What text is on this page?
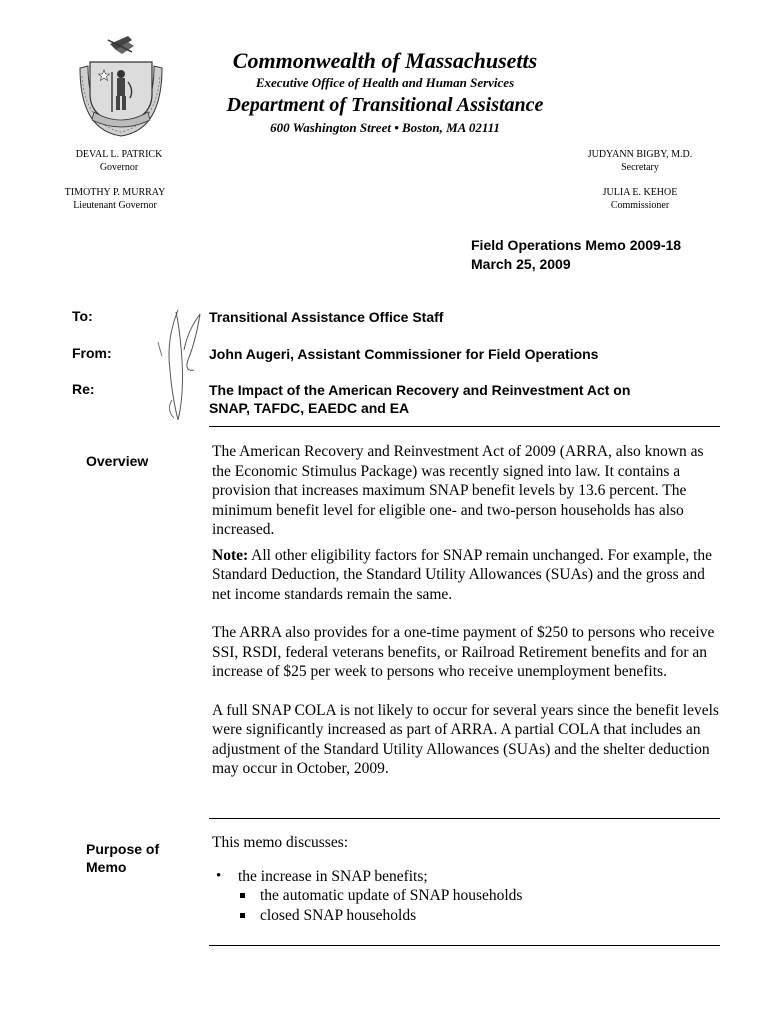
Commonwealth of Massachusetts
Executive Office of Health and Human Services
Department of Transitional Assistance
600 Washington Street • Boston, MA 02111
DEVAL L. PATRICK
Governor
TIMOTHY P. MURRAY
Lieutenant Governor
JUDYANN BIGBY, M.D.
Secretary
JULIA E. KEHOE
Commissioner
Field Operations Memo 2009-18
March 25, 2009
To:	Transitional Assistance Office Staff
From:	John Augeri, Assistant Commissioner for Field Operations
Re:	The Impact of the American Recovery and Reinvestment Act on
SNAP, TAFDC, EAEDC and EA
Overview

The American Recovery and Reinvestment Act of 2009 (ARRA, also known as the Economic Stimulus Package) was recently signed into law. It contains a provision that increases maximum SNAP benefit levels by 13.6 percent. The minimum benefit level for eligible one- and two-person households has also increased.

Note: All other eligibility factors for SNAP remain unchanged. For example, the Standard Deduction, the Standard Utility Allowances (SUAs) and the gross and net income standards remain the same.

The ARRA also provides for a one-time payment of $250 to persons who receive SSI, RSDI, federal veterans benefits, or Railroad Retirement benefits and for an increase of $25 per week to persons who receive unemployment benefits.

A full SNAP COLA is not likely to occur for several years since the benefit levels were significantly increased as part of ARRA. A partial COLA that includes an adjustment of the Standard Utility Allowances (SUAs) and the shelter deduction may occur in October, 2009.

Purpose of
Memo

This memo discusses:

• the increase in SNAP benefits;
the automatic update of SNAP households
closed SNAP households
